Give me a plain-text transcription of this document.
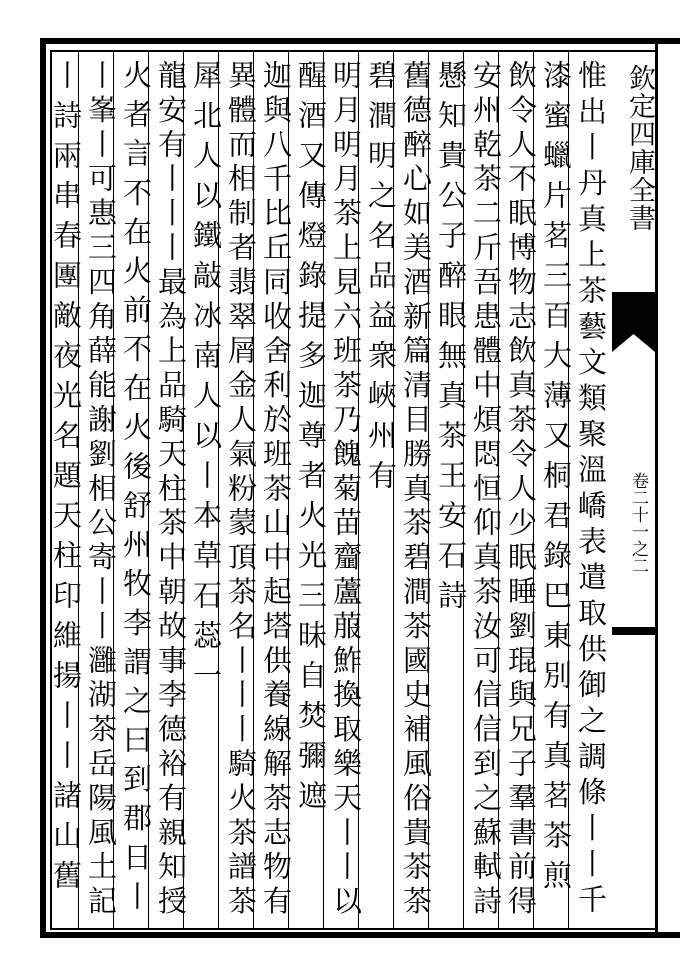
欽定四庫全書
卷二十一之二
惟出丨丹真上茶藝文類聚溫嶠表遣取供御之調條丨丨千
漆蜜蠟片茗三百大薄又桐君錄巴東別有真茗茶煎
飲令人不眠博物志飲真茶令人少眠睡劉琨與兄子羣書前得
安州乾茶二斤吾患體中煩悶恒仰真茶汝可信信到之蘇軾詩
懸知貴公子醉眼無真茶王安石詩
舊德醉心如美酒新篇清目勝真茶碧澗茶國史補風俗貴茶茶
碧澗明之名品益衆峽州有
明月明月茶上見六班茶乃餽菊苗齏蘆菔鮓換取樂天丨丨以
醒酒又傳燈錄提多迦尊者火光三昧自焚彌遮
迦與八千比丘同收舍利於班茶山中起塔供養線解茶志物有
異體而相制者翡翠屑金人氣粉蒙頂茶名丨丨丨騎火茶譜茶
犀北人以鐵敲冰南人以丨本草石蕊一
龍安有丨丨丨最為上品騎天柱茶中朝故事李德裕有親知授
火者言不在火前不在火後舒州牧李謂之曰到郡日丨
丨峯丨可惠三四角薛能謝劉相公寄丨丨灉湖茶岳陽風土記
丨詩兩串春團敵夜光名題天柱印維揚丨丨諸山舊
